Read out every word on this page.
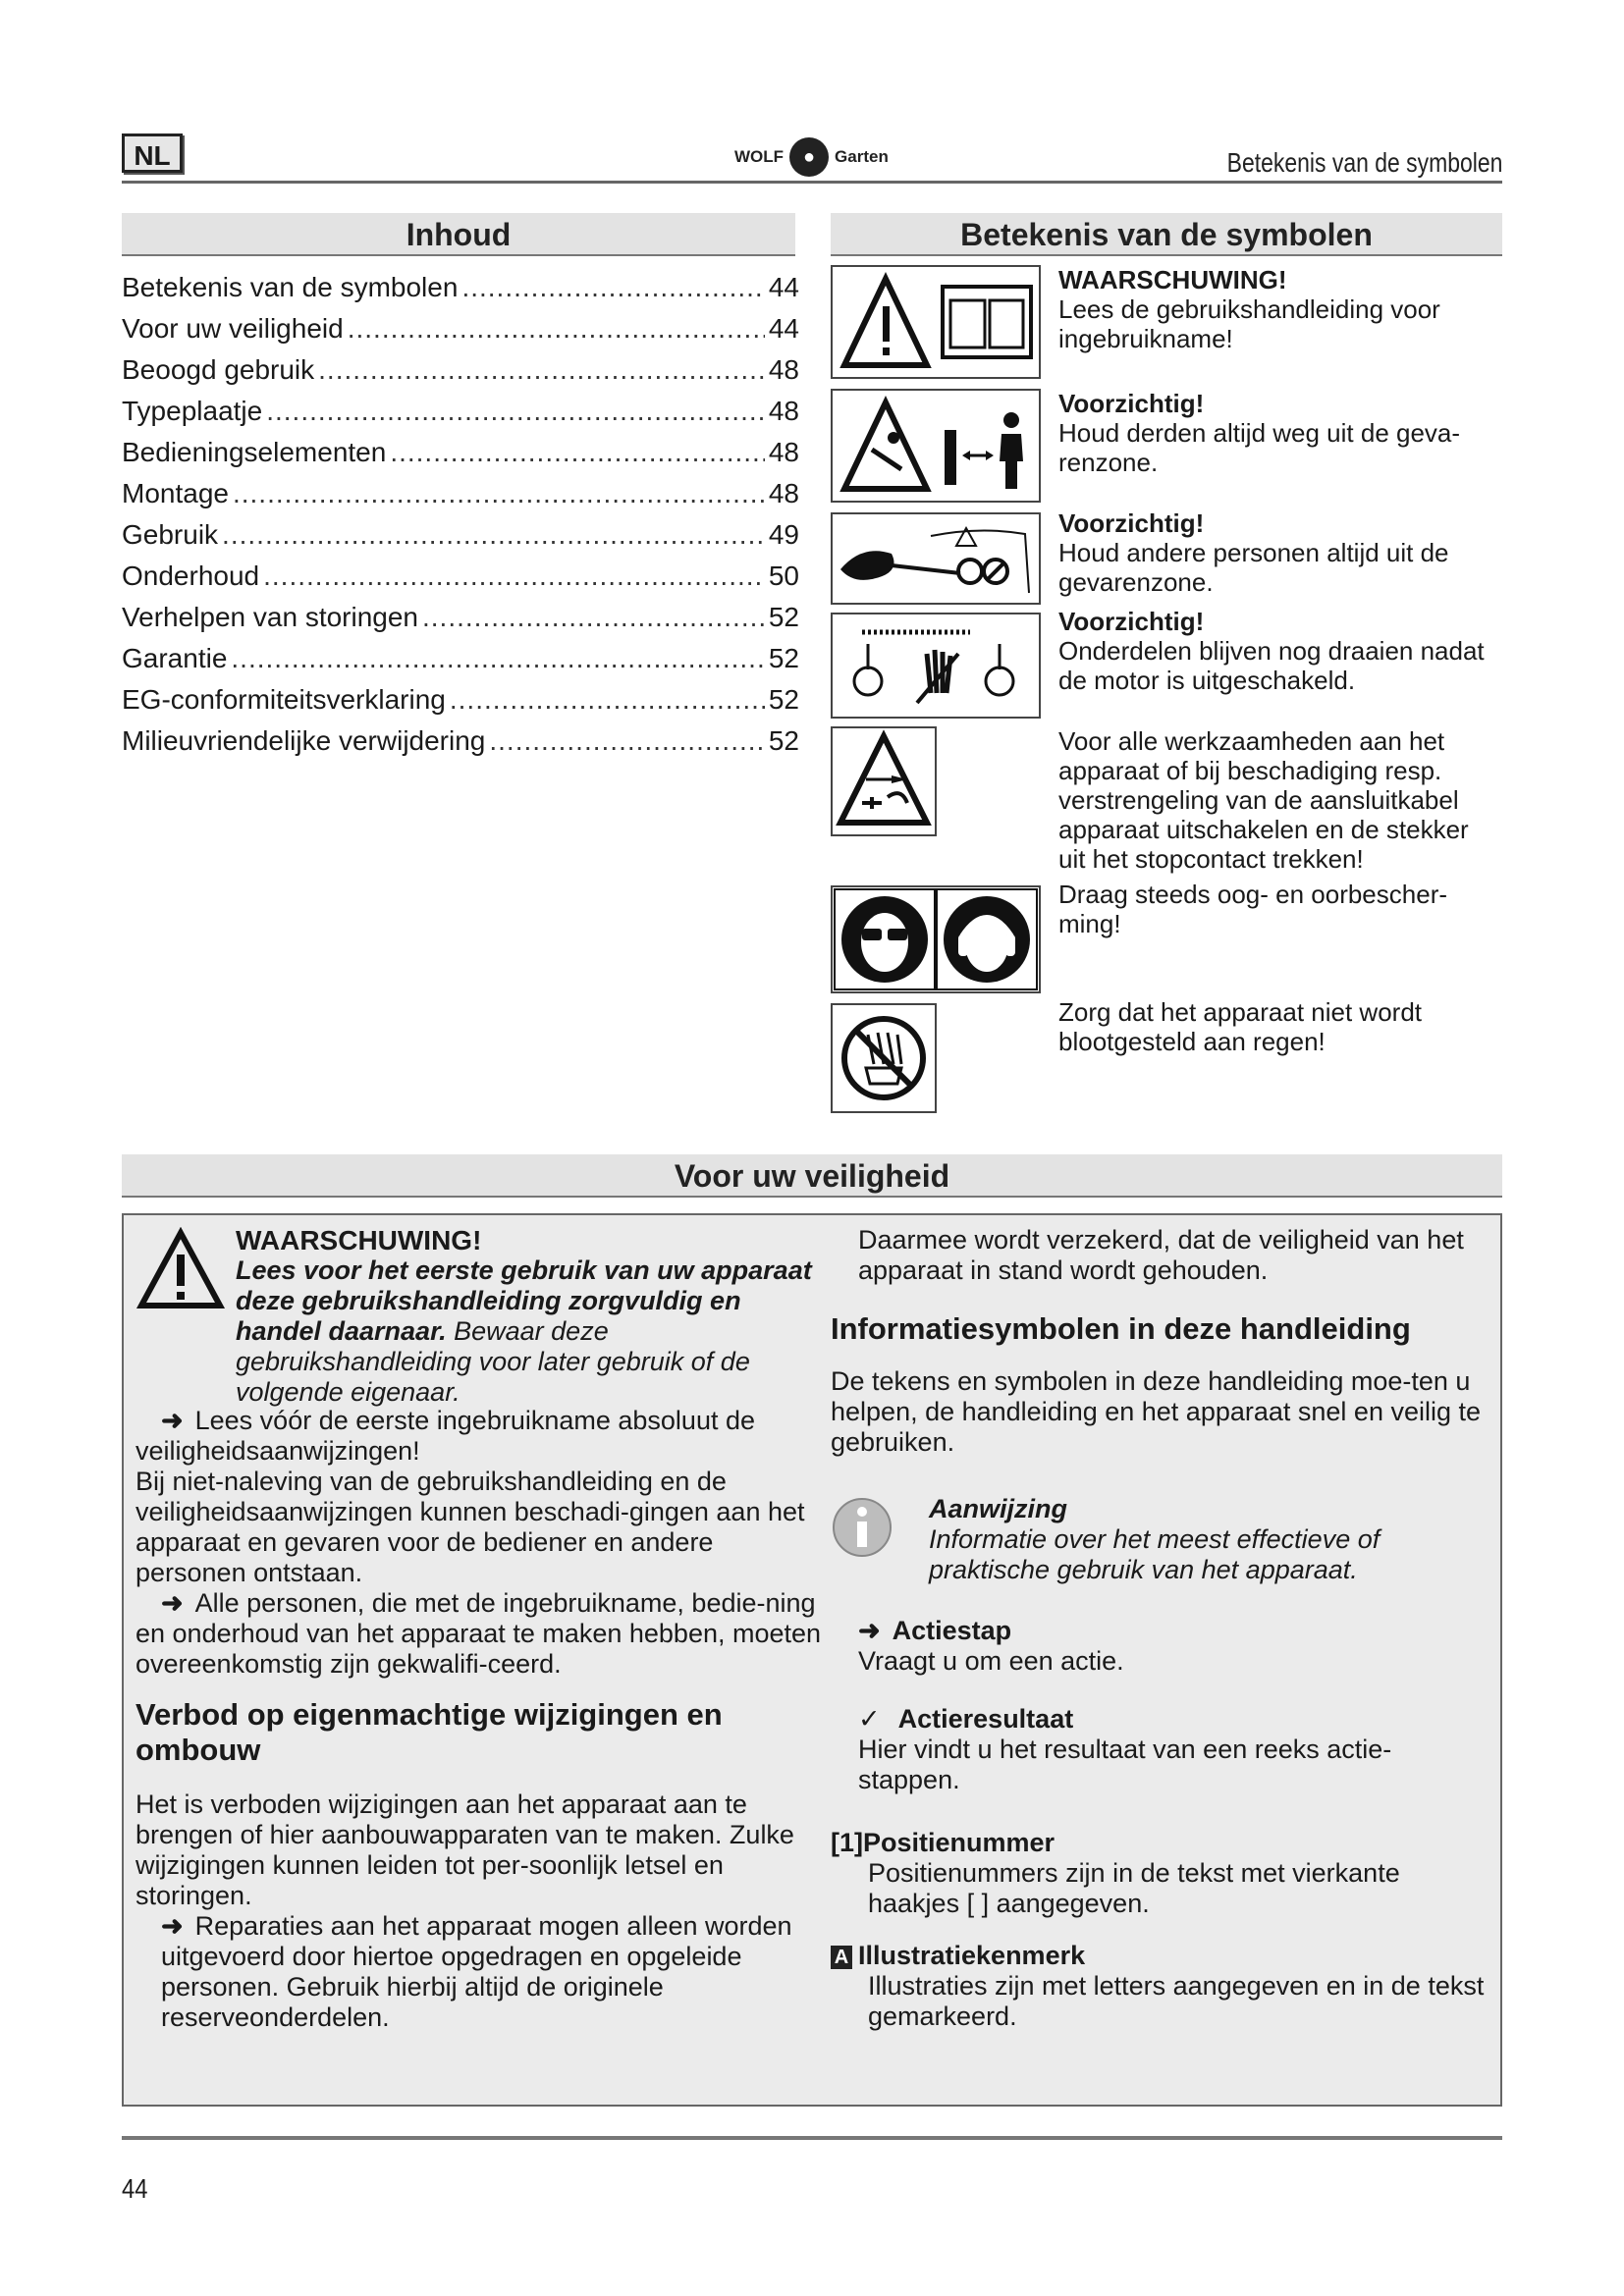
NL	WOLF ●	Garten	Betekenis van de symbolen
Inhoud
Betekenis van de symbolen .....	44
Voor uw veiligheid .....	44
Beoogd gebruik .....	48
Typeplaatje .....	48
Bedieningselementen .....	48
Montage .....	48
Gebruik .....	49
Onderhoud .....	50
Verhelpen van storingen .....	52
Garantie .....	52
EG-conformiteitsverklaring .....	52
Milieuvriendelijke verwijdering .....	52
Betekenis van de symbolen
WAARSCHUWING!
Lees de gebruikshandleiding voor ingebruikname!
Voorzichtig!
Houd derden altijd weg uit de geva-renzone.
Voorzichtig!
Houd andere personen altijd uit de gevarenzone.
Voorzichtig!
Onderdelen blijven nog draaien nadat de motor is uitgeschakeld.
Voor alle werkzaamheden aan het apparaat of bij beschadiging resp. verstrengeling van de aansluitkabel apparaat uitschakelen en de stekker uit het stopcontact trekken!
Draag steeds oog- en oorbescher-ming!
Zorg dat het apparaat niet wordt blootgesteld aan regen!
Voor uw veiligheid
WAARSCHUWING!
Lees voor het eerste gebruik van uw apparaat deze gebruikshandleiding zorgvuldig en handel daarnaar. Bewaar deze gebruikshandleiding voor later gebruik of de volgende eigenaar.
➜ Lees vóór de eerste ingebruikname absoluut de veiligheidsaanwijzingen!
Bij niet-naleving van de gebruikshandleiding en de veiligheidsaanwijzingen kunnen beschadi-gingen aan het apparaat en gevaren voor de bediener en andere personen ontstaan.
➜ Alle personen, die met de ingebruikname, bedie-ning en onderhoud van het apparaat te maken hebben, moeten overeenkomstig zijn gekwalifi-ceerd.
Verbod op eigenmachtige wijzigingen en ombouw
Het is verboden wijzigingen aan het apparaat aan te brengen of hier aanbouwapparaten van te maken. Zulke wijzigingen kunnen leiden tot per-soonlijk letsel en storingen.
➜ Reparaties aan het apparaat mogen alleen worden uitgevoerd door hiertoe opgedragen en opgeleide personen. Gebruik hierbij altijd de originele reserveonderdelen.
Daarmee wordt verzekerd, dat de veiligheid van het apparaat in stand wordt gehouden.
Informatiesymbolen in deze handleiding
De tekens en symbolen in deze handleiding moe-ten u helpen, de handleiding en het apparaat snel en veilig te gebruiken.
Aanwijzing
Informatie over het meest effectieve of praktische gebruik van het apparaat.
➜ Actiestap
Vraagt u om een actie.
✓ Actieresultaat
Hier vindt u het resultaat van een reeks actie-stappen.
[1]Positienummer
Positienummers zijn in de tekst met vierkante haakjes [ ] aangegeven.
A Illustratiekenmerk
Illustraties zijn met letters aangegeven en in de tekst gemarkeerd.
44
